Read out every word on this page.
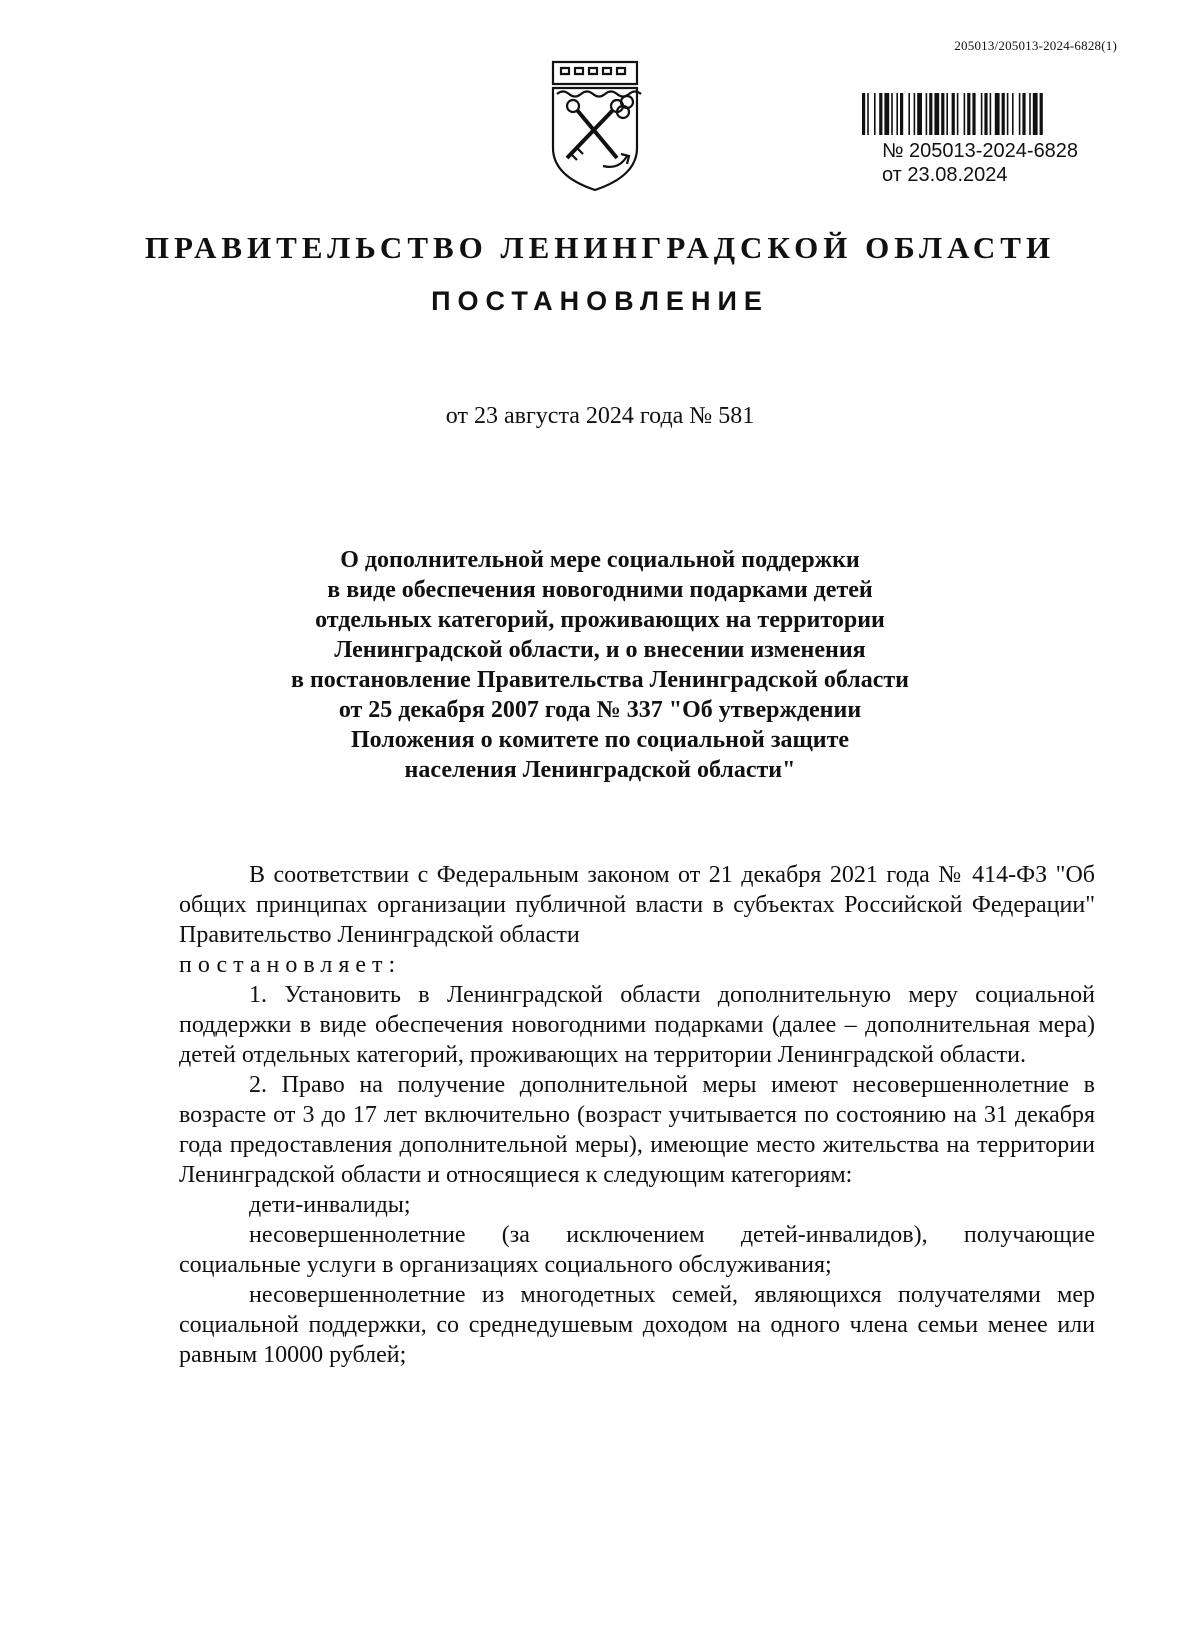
205013/205013-2024-6828(1)
№ 205013-2024-6828
от 23.08.2024
ПРАВИТЕЛЬСТВО ЛЕНИНГРАДСКОЙ ОБЛАСТИ
ПОСТАНОВЛЕНИЕ
от 23 августа 2024 года № 581
О дополнительной мере социальной поддержки
в виде обеспечения новогодними подарками детей
отдельных категорий, проживающих на территории
Ленинградской области, и о внесении изменения
в постановление Правительства Ленинградской области
от 25 декабря 2007 года № 337 "Об утверждении
Положения о комитете по социальной защите
населения Ленинградской области"

В соответствии с Федеральным законом от 21 декабря 2021 года № 414-ФЗ "Об общих принципах организации публичной власти в субъектах Российской Федерации" Правительство Ленинградской области

постановляет:

1. Установить в Ленинградской области дополнительную меру социальной поддержки в виде обеспечения новогодними подарками (далее – дополнительная мера) детей отдельных категорий, проживающих на территории Ленинградской области.

2. Право на получение дополнительной меры имеют несовершеннолетние в возрасте от 3 до 17 лет включительно (возраст учитывается по состоянию на 31 декабря года предоставления дополнительной меры), имеющие место жительства на территории Ленинградской области и относящиеся к следующим категориям:

дети-инвалиды;

несовершеннолетние (за исключением детей-инвалидов), получающие социальные услуги в организациях социального обслуживания;

несовершеннолетние из многодетных семей, являющихся получателями мер социальной поддержки, со среднедушевым доходом на одного члена семьи менее или равным 10000 рублей;
